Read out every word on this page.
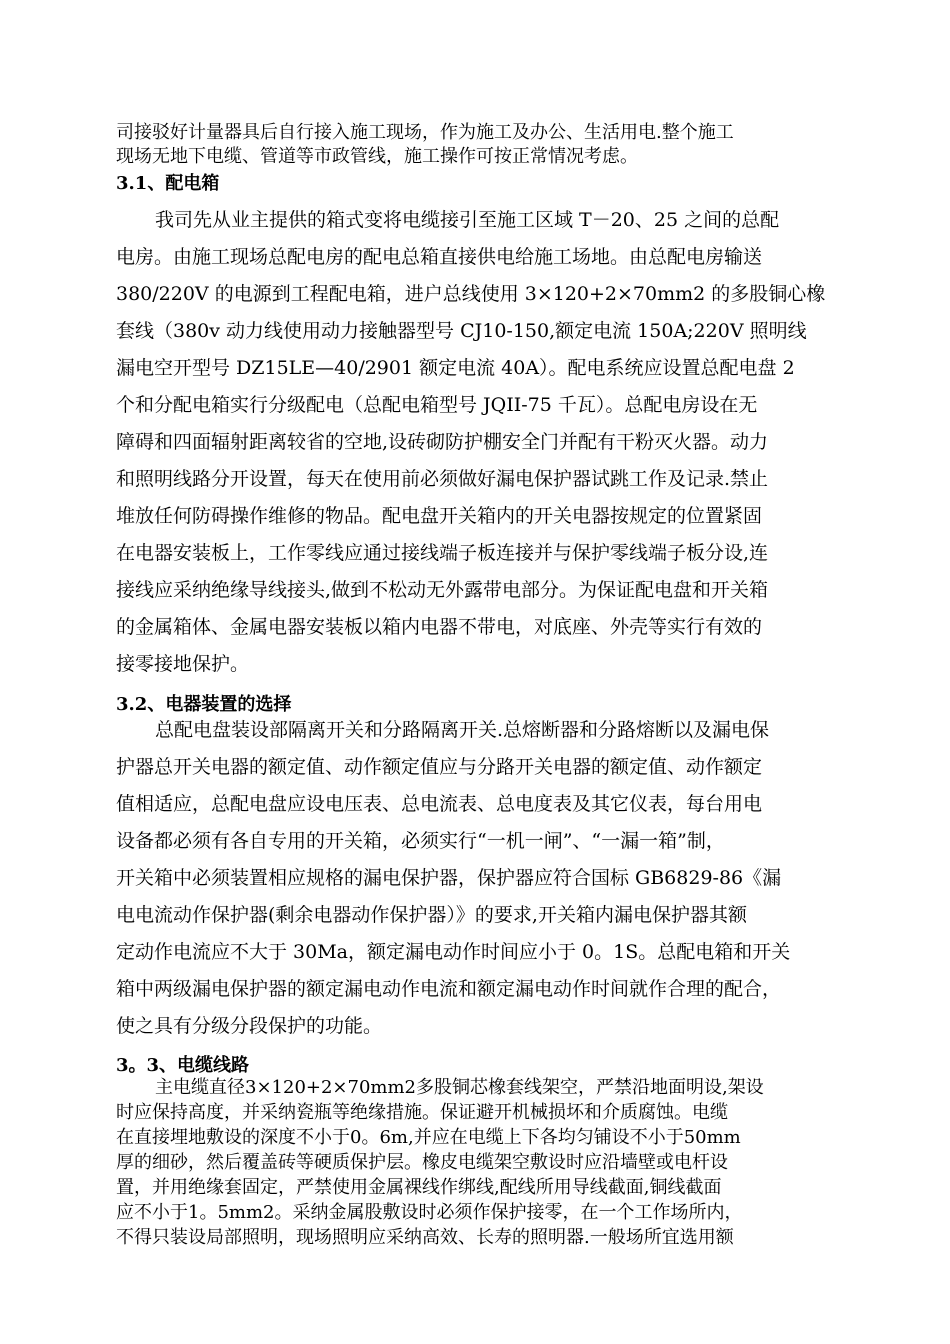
司接驳好计量器具后自行接入施工现场，作为施工及办公、生活用电.整个施工
现场无地下电缆、管道等市政管线，施工操作可按正常情况考虑。
3.1、配电箱
我司先从业主提供的箱式变将电缆接引至施工区域 T－20、25 之间的总配
电房。由施工现场总配电房的配电总箱直接供电给施工场地。由总配电房输送
380/220V 的电源到工程配电箱，进户总线使用 3×120+2×70mm2 的多股铜心橡
套线（380v 动力线使用动力接触器型号 CJ10-150,额定电流 150A;220V 照明线
漏电空开型号 DZ15LE—40/2901 额定电流 40A）。配电系统应设置总配电盘 2
个和分配电箱实行分级配电（总配电箱型号 JQII-75 千瓦）。总配电房设在无
障碍和四面辐射距离较省的空地,设砖砌防护棚安全门并配有干粉灭火器。动力
和照明线路分开设置，每天在使用前必须做好漏电保护器试跳工作及记录.禁止
堆放任何防碍操作维修的物品。配电盘开关箱内的开关电器按规定的位置紧固
在电器安装板上，工作零线应通过接线端子板连接并与保护零线端子板分设,连
接线应采纳绝缘导线接头,做到不松动无外露带电部分。为保证配电盘和开关箱
的金属箱体、金属电器安装板以箱内电器不带电，对底座、外壳等实行有效的
接零接地保护。
3.2、电器装置的选择
总配电盘装设部隔离开关和分路隔离开关.总熔断器和分路熔断以及漏电保
护器总开关电器的额定值、动作额定值应与分路开关电器的额定值、动作额定
值相适应，总配电盘应设电压表、总电流表、总电度表及其它仪表，每台用电
设备都必须有各自专用的开关箱，必须实行“一机一闸”、“一漏一箱”制，
开关箱中必须装置相应规格的漏电保护器，保护器应符合国标 GB6829-86《漏
电电流动作保护器(剩余电器动作保护器）》的要求,开关箱内漏电保护器其额
定动作电流应不大于 30Ma，额定漏电动作时间应小于 0。1S。总配电箱和开关
箱中两级漏电保护器的额定漏电动作电流和额定漏电动作时间就作合理的配合，
使之具有分级分段保护的功能。
3。3、电缆线路
主电缆直径3×120+2×70mm2多股铜芯橡套线架空，严禁沿地面明设,架设
时应保持高度，并采纳瓷瓶等绝缘措施。保证避开机械损坏和介质腐蚀。电缆
在直接埋地敷设的深度不小于0。6m,并应在电缆上下各均匀铺设不小于50mm
厚的细砂，然后覆盖砖等硬质保护层。橡皮电缆架空敷设时应沿墙壁或电杆设
置，并用绝缘套固定，严禁使用金属裸线作绑线,配线所用导线截面,铜线截面
应不小于1。5mm2。采纳金属股敷设时必须作保护接零，在一个工作场所内，
不得只装设局部照明，现场照明应采纳高效、长寿的照明器.一般场所宜选用额
